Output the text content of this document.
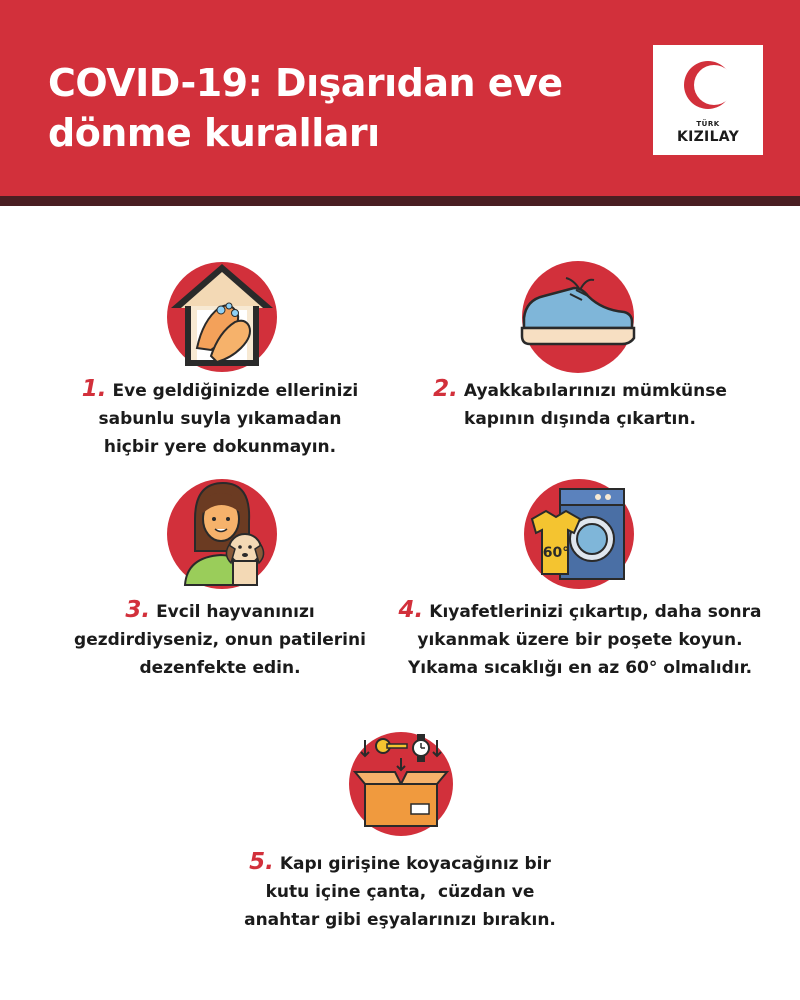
COVID-19: Dışarıdan eve
dönme kuralları	TÜRK
KIZILAY
1. Eve geldiğinizde ellerinizi
sabunlu suyla yıkamadan
hiçbir yere dokunmayın.
2. Ayakkabılarınızı mümkünse
kapının dışında çıkartın.
60°
3. Evcil hayvanınızı
gezdirdiyseniz, onun patilerini
dezenfekte edin.
4. Kıyafetlerinizi çıkartıp, daha sonra
yıkanmak üzere bir poşete koyun.
Yıkama sıcaklığı en az 60° olmalıdır.
5. Kapı girişine koyacağınız bir
kutu içine çanta,  cüzdan ve
anahtar gibi eşyalarınızı bırakın.
